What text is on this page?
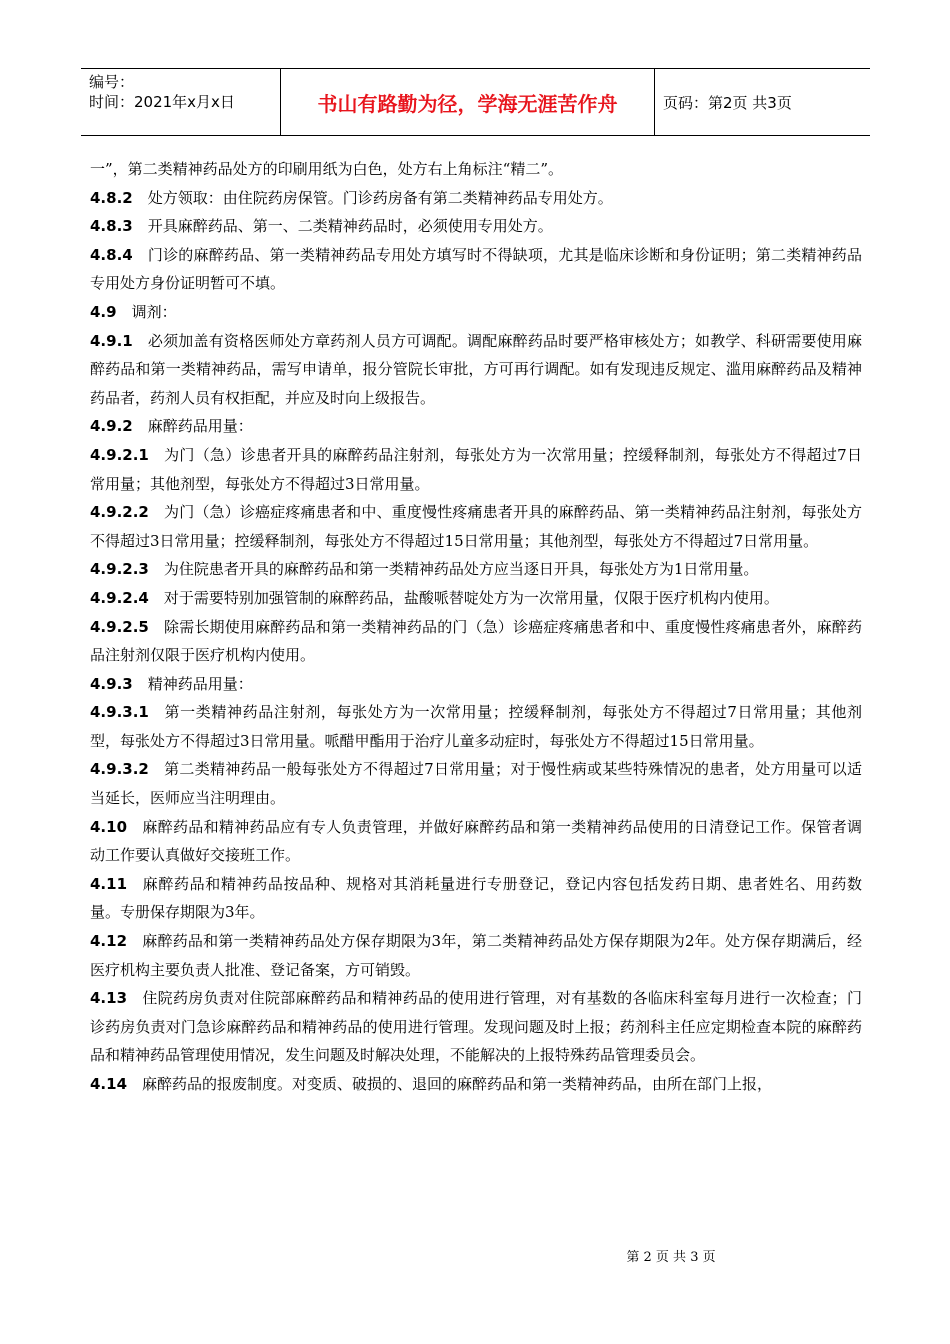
编号：
时间：2021年x月x日	书山有路勤为径，学海无涯苦作舟	页码：第2页 共3页

一”，第二类精神药品处方的印刷用纸为白色，处方右上角标注“精二”。

4.8.2  处方领取：由住院药房保管。门诊药房备有第二类精神药品专用处方。

4.8.3  开具麻醉药品、第一、二类精神药品时，必须使用专用处方。

4.8.4  门诊的麻醉药品、第一类精神药品专用处方填写时不得缺项，尤其是临床诊断和身份证明；第二类精神药品专用处方身份证明暂可不填。

4.9  调剂：

4.9.1  必须加盖有资格医师处方章药剂人员方可调配。调配麻醉药品时要严格审核处方；如教学、科研需要使用麻醉药品和第一类精神药品，需写申请单，报分管院长审批，方可再行调配。如有发现违反规定、滥用麻醉药品及精神药品者，药剂人员有权拒配，并应及时向上级报告。

4.9.2  麻醉药品用量：

4.9.2.1  为门（急）诊患者开具的麻醉药品注射剂，每张处方为一次常用量；控缓释制剂，每张处方不得超过7日常用量；其他剂型，每张处方不得超过3日常用量。

4.9.2.2  为门（急）诊癌症疼痛患者和中、重度慢性疼痛患者开具的麻醉药品、第一类精神药品注射剂，每张处方不得超过3日常用量；控缓释制剂，每张处方不得超过15日常用量；其他剂型，每张处方不得超过7日常用量。

4.9.2.3  为住院患者开具的麻醉药品和第一类精神药品处方应当逐日开具，每张处方为1日常用量。

4.9.2.4  对于需要特别加强管制的麻醉药品，盐酸哌替啶处方为一次常用量，仅限于医疗机构内使用。

4.9.2.5  除需长期使用麻醉药品和第一类精神药品的门（急）诊癌症疼痛患者和中、重度慢性疼痛患者外，麻醉药品注射剂仅限于医疗机构内使用。

4.9.3  精神药品用量：

4.9.3.1  第一类精神药品注射剂，每张处方为一次常用量；控缓释制剂，每张处方不得超过7日常用量；其他剂型，每张处方不得超过3日常用量。哌醋甲酯用于治疗儿童多动症时，每张处方不得超过15日常用量。

4.9.3.2  第二类精神药品一般每张处方不得超过7日常用量；对于慢性病或某些特殊情况的患者，处方用量可以适当延长，医师应当注明理由。

4.10  麻醉药品和精神药品应有专人负责管理，并做好麻醉药品和第一类精神药品使用的日清登记工作。保管者调动工作要认真做好交接班工作。

4.11  麻醉药品和精神药品按品种、规格对其消耗量进行专册登记，登记内容包括发药日期、患者姓名、用药数量。专册保存期限为3年。

4.12  麻醉药品和第一类精神药品处方保存期限为3年，第二类精神药品处方保存期限为2年。处方保存期满后，经医疗机构主要负责人批准、登记备案，方可销毁。

4.13  住院药房负责对住院部麻醉药品和精神药品的使用进行管理，对有基数的各临床科室每月进行一次检查；门诊药房负责对门急诊麻醉药品和精神药品的使用进行管理。发现问题及时上报；药剂科主任应定期检查本院的麻醉药品和精神药品管理使用情况，发生问题及时解决处理，不能解决的上报特殊药品管理委员会。

4.14  麻醉药品的报废制度。对变质、破损的、退回的麻醉药品和第一类精神药品，由所在部门上报，

第 2 页 共 3 页
